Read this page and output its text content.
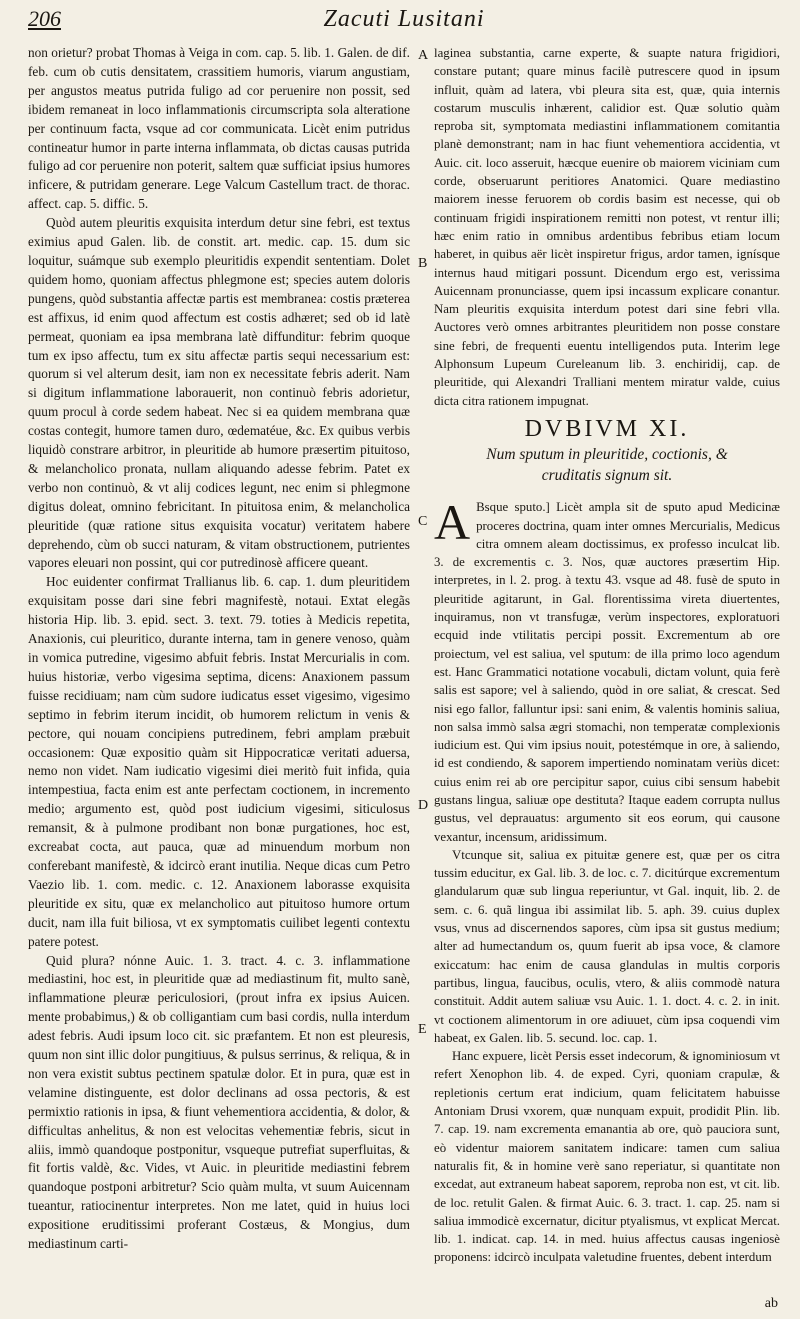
206	Zacuti Lusitani
A
B
C
D
E

non orietur? probat Thomas à Veiga in com. cap. 5. lib. 1. Galen. de dif. feb. cum ob cutis densitatem, crassitiem humoris, viarum angustiam, per angustos meatus putrida fuligo ad cor peruenire non possit, sed ibidem remaneat in loco inflammationis circumscripta sola alteratione per continuum facta, vsque ad cor communicata. Licèt enim putridus contineatur humor in parte interna inflammata, ob dictas causas putrida fuligo ad cor peruenire non poterit, saltem quæ sufficiat ipsius humores inficere, & putridam generare. Lege Valcum Castellum tract. de thorac. affect. cap. 5. diffic. 5.

Quòd autem pleuritis exquisita interdum detur sine febri, est textus eximius apud Galen. lib. de constit. art. medic. cap. 15. dum sic loquitur, suámque sub exemplo pleuritidis expendit sententiam. Dolet quidem homo, quoniam affectus phlegmone est; species autem doloris pungens, quòd substantia affectæ partis est membranea: costis præterea est affixus, id enim quod affectum est costis adhæret; sed ob id latè permeat, quoniam ea ipsa membrana latè diffunditur: febrim quoque tum ex ipso affectu, tum ex situ affectæ partis sequi necessarium est: quorum si vel alterum desit, iam non ex necessitate febris aderit. Nam si digitum inflammatione laborauerit, non continuò febris adorietur, quum procul à corde sedem habeat. Nec si ea quidem membrana quæ costas contegit, humore tamen duro, œdematéue, &c. Ex quibus verbis liquidò constrare arbitror, in pleuritide ab humore præsertim pituitoso, & melancholico pronata, nullam aliquando adesse febrim. Patet ex verbo non continuò, & vt alij codices legunt, nec enim si phlegmone digitus doleat, omnino febricitant. In pituitosa enim, & melancholica pleuritide (quæ ratione situs exquisita vocatur) veritatem habere deprehendo, cùm ob succi naturam, & vitam obstructionem, putrientes vapores eleuari non possint, qui cor putredinosè afficere queant.

Hoc euidenter confirmat Trallianus lib. 6. cap. 1. dum pleuritidem exquisitam posse dari sine febri magnifestè, notaui. Extat elegãs historia Hip. lib. 3. epid. sect. 3. text. 79. toties à Medicis repetita, Anaxionis, cui pleuritico, durante interna, tam in genere venoso, quàm in vomica putredine, vigesimo abfuit febris. Instat Mercurialis in com. huius historiæ, verbo vigesima septima, dicens: Anaxionem passum fuisse recidiuam; nam cùm sudore iudicatus esset vigesimo, vigesimo septimo in febrim iterum incidit, ob humorem relictum in venis & pectore, qui nouam concipiens putredinem, febri amplam præbuit occasionem: Quæ expositio quàm sit Hippocraticæ veritati aduersa, nemo non videt. Nam iudicatio vigesimi diei meritò fuit infida, quia intempestiua, facta enim est ante perfectam coctionem, in incremento medio; argumento est, quòd post iudicium vigesimi, siticulosus remansit, & à pulmone prodibant non bonæ purgationes, hoc est, excreabat cocta, aut pauca, quæ ad minuendum morbum non conferebant manifestè, & idcircò erant inutilia. Neque dicas cum Petro Vaezio lib. 1. com. medic. c. 12. Anaxionem laborasse exquisita pleuritide ex situ, quæ ex melancholico aut pituitoso humore ortum ducit, nam illa fuit biliosa, vt ex symptomatis cuilibet legenti contextu patere potest.

Quid plura? nónne Auic. 1. 3. tract. 4. c. 3. inflammatione mediastini, hoc est, in pleuritide quæ ad mediastinum fit, multo sanè, inflammatione pleuræ periculosiori, (prout infra ex ipsius Auicen. mente probabimus,) & ob colligantiam cum basi cordis, nulla interdum adest febris. Audi ipsum loco cit. sic præfantem. Et non est pleuresis, quum non sint illic dolor pungitiuus, & pulsus serrinus, & reliqua, & in non vera existit subtus pectinem spatulæ dolor. Et in pura, quæ est in velamine distinguente, est dolor declinans ad ossa pectoris, & est permixtio rationis in ipsa, & fiunt vehementiora accidentia, & dolor, & difficultas anhelitus, & non est velocitas vehementiæ febris, sicut in aliis, immò quandoque postponitur, vsqueque putrefiat superfluitas, & fit fortis valdè, &c. Vides, vt Auic. in pleuritide mediastini febrem quandoque postponi arbitretur? Scio quàm multa, vt suum Auicennam tueantur, ratiocinentur interpretes. Non me latet, quid in huius loci expositione eruditissimi proferant Costæus, & Mongius, dum mediastinum carti-

laginea substantia, carne experte, & suapte natura frigidiori, constare putant; quare minus facilè putrescere quod in ipsum influit, quàm ad latera, vbi pleura sita est, quæ, quia internis costarum musculis inhærent, calidior est. Quæ solutio quàm reproba sit, symptomata mediastini inflammationem comitantia planè demonstrant; nam in hac fiunt vehementiora accidentia, vt Auic. cit. loco asseruit, hæcque euenire ob maiorem viciniam cum corde, obseruarunt peritiores Anatomici. Quare mediastino maiorem inesse feruorem ob cordis basim est necesse, qui ob continuam frigidi inspirationem remitti non potest, vt rentur illi; hæc enim ratio in omnibus ardentibus febribus etiam locum haberet, in quibus aër licèt inspiretur frigus, ardor tamen, ignísque internus haud mitigari possunt. Dicendum ergo est, verissima Auicennam pronunciasse, quem ipsi incassum explicare conantur. Nam pleuritis exquisita interdum potest dari sine febri vlla. Auctores verò omnes arbitrantes pleuritidem non posse constare sine febri, de frequenti euentu intelligendos puta. Interim lege Alphonsum Lupeum Cureleanum lib. 3. enchiridij, cap. de pleuritide, qui Alexandri Tralliani mentem miratur valde, cuius dicta citra rationem impugnat.

DVBIVM XI.
Num sputum in pleuritide, coctionis, &
cruditatis signum sit.

A Bsque sputo.] Licèt ampla sit de sputo apud Medicinæ proceres doctrina, quam inter omnes Mercurialis, Medicus citra omnem aleam doctissimus, ex professo inculcat lib. 3. de excrementis c. 3. Nos, quæ auctores præsertim Hip. interpretes, in l. 2. prog. à textu 43. vsque ad 48. fusè de sputo in pleuritide agitarunt, in Gal. florentissima vireta diuertentes, inquiramus, non vt transfugæ, verùm inspectores, exploratuori ecquid inde vtilitatis percipi possit. Excrementum ab ore proiectum, vel est saliua, vel sputum: de illa primo loco agendum est. Hanc Grammatici notatione vocabuli, dictam volunt, quia ferè salis est sapore; vel à saliendo, quòd in ore saliat, & crescat. Sed nisi ego fallor, falluntur ipsi: sani enim, & valentis hominis saliua, non salsa immò salsa ægri stomachi, non temperatæ complexionis iudicium est. Qui vim ipsius nouit, potestémque in ore, à saliendo, id est condiendo, & saporem impertiendo nominatam veriùs dicet: cuius enim rei ab ore percipitur sapor, cuius cibi sensum habebit gustans lingua, saliuæ ope destituta? Itaque eadem corrupta nullus gustus, vel deprauatus: argumento sit eos eorum, qui causone vexantur, incensum, aridissimum.

Vtcunque sit, saliua ex pituitæ genere est, quæ per os citra tussim educitur, ex Gal. lib. 3. de loc. c. 7. dicitúrque excrementum glandularum quæ sub lingua reperiuntur, vt Gal. inquit, lib. 2. de sem. c. 6. quã lingua ibi assimilat lib. 5. aph. 39. cuius duplex vsus, vnus ad discernendos sapores, cùm ipsa sit gustus medium; alter ad humectandum os, quum fuerit ab ipsa voce, & clamore exiccatum: hac enim de causa glandulas in multis corporis partibus, lingua, faucibus, oculis, vtero, & aliis commodè natura constituit. Addit autem saliuæ vsu Auic. 1. 1. doct. 4. c. 2. in init. vt coctionem alimentorum in ore adiuuet, cùm ipsa coquendi vim habeat, ex Galen. lib. 5. secund. loc. cap. 1.

Hanc expuere, licèt Persis esset indecorum, & ignominiosum vt refert Xenophon lib. 4. de exped. Cyri, quoniam crapulæ, & repletionis certum erat indicium, quam felicitatem habuisse Antoniam Drusi vxorem, quæ nunquam expuit, prodidit Plin. lib. 7. cap. 19. nam excrementa emanantia ab ore, quò pauciora sunt, eò videntur maiorem sanitatem indicare: tamen cum saliua naturalis fit, & in homine verè sano reperiatur, si quantitate non excedat, aut extraneum habeat saporem, reproba non est, vt cit. lib. de loc. retulit Galen. & firmat Auic. 6. 3. tract. 1. cap. 25. nam si saliua immodicè excernatur, dicitur ptyalismus, vt explicat Mercat. lib. 1. indicat. cap. 14. in med. huius affectus causas ingeniosè proponens: idcircò inculpata valetudine fruentes, debent interdum

ab
